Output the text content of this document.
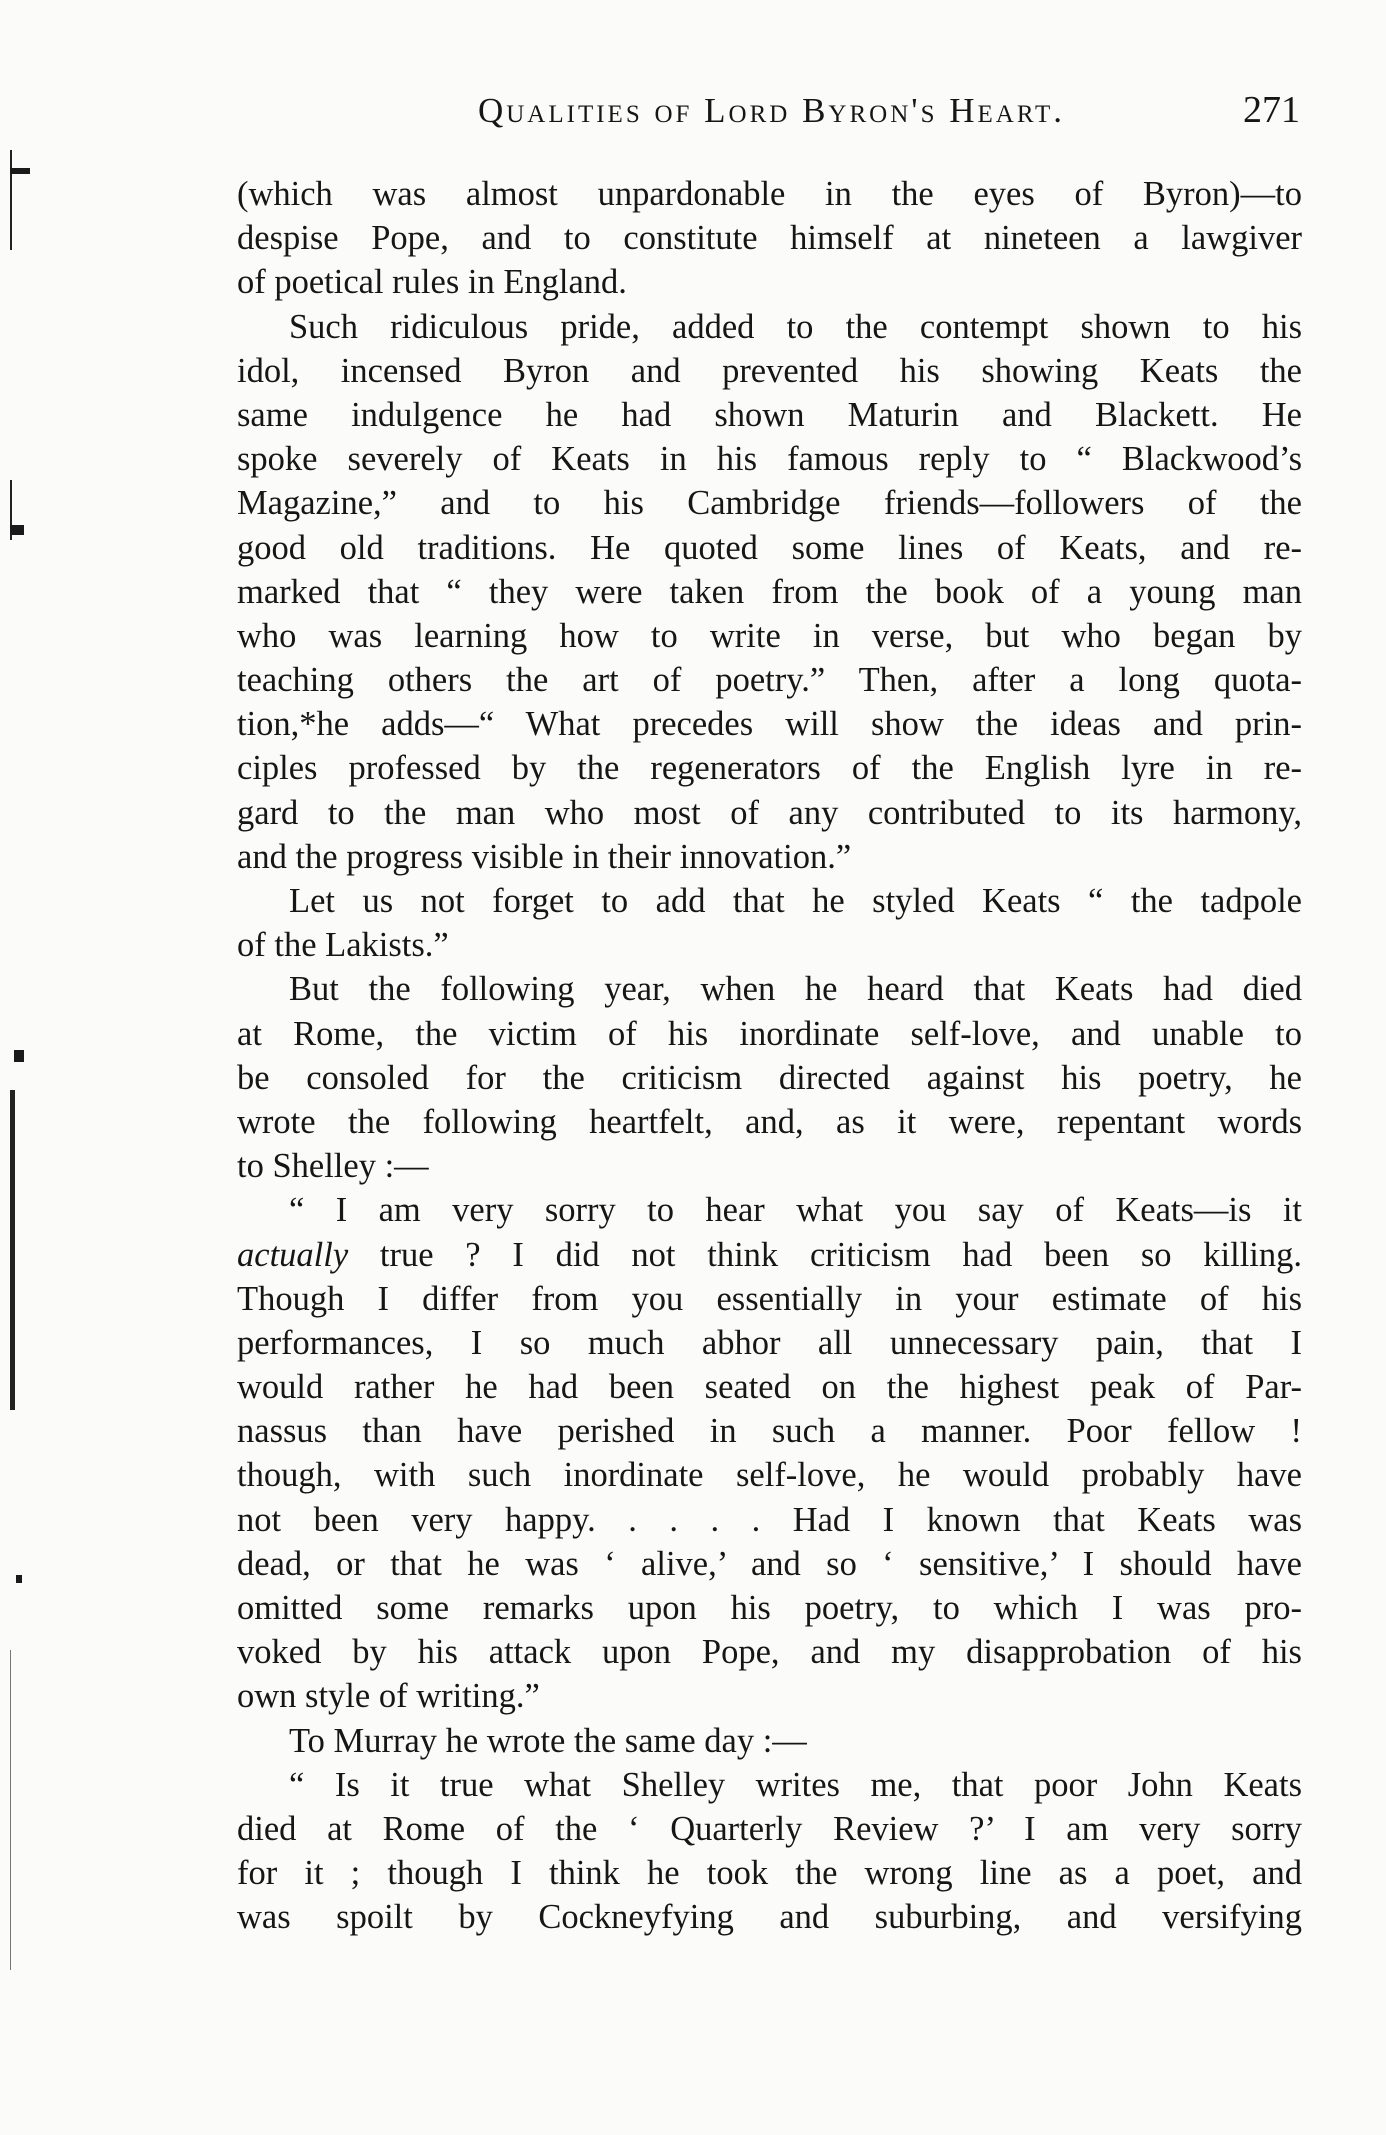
Qualities of Lord Byron's Heart.	271
(which was almost unpardonable in the eyes of Byron)—to
despise Pope, and to constitute himself at nineteen a lawgiver
of poetical rules in England.
Such ridiculous pride, added to the contempt shown to his
idol, incensed Byron and prevented his showing Keats the
same indulgence he had shown Maturin and Blackett. He
spoke severely of Keats in his famous reply to “ Blackwood’s
Magazine,” and to his Cambridge friends—followers of the
good old traditions. He quoted some lines of Keats, and re-
marked that “ they were taken from the book of a young man
who was learning how to write in verse, but who began by
teaching others the art of poetry.” Then, after a long quota-
tion,*he adds—“ What precedes will show the ideas and prin-
ciples professed by the regenerators of the English lyre in re-
gard to the man who most of any contributed to its harmony,
and the progress visible in their innovation.”
Let us not forget to add that he styled Keats “ the tadpole
of the Lakists.”
But the following year, when he heard that Keats had died
at Rome, the victim of his inordinate self-love, and unable to
be consoled for the criticism directed against his poetry, he
wrote the following heartfelt, and, as it were, repentant words
to Shelley :—
“ I am very sorry to hear what you say of Keats—is it
actually true ? I did not think criticism had been so killing.
Though I differ from you essentially in your estimate of his
performances, I so much abhor all unnecessary pain, that I
would rather he had been seated on the highest peak of Par-
nassus than have perished in such a manner. Poor fellow !
though, with such inordinate self-love, he would probably have
not been very happy. . . . . Had I known that Keats was
dead, or that he was ‘ alive,’ and so ‘ sensitive,’ I should have
omitted some remarks upon his poetry, to which I was pro-
voked by his attack upon Pope, and my disapprobation of his
own style of writing.”
To Murray he wrote the same day :—
“ Is it true what Shelley writes me, that poor John Keats
died at Rome of the ‘ Quarterly Review ?’ I am very sorry
for it ; though I think he took the wrong line as a poet, and
was spoilt by Cockneyfying and suburbing, and versifying
